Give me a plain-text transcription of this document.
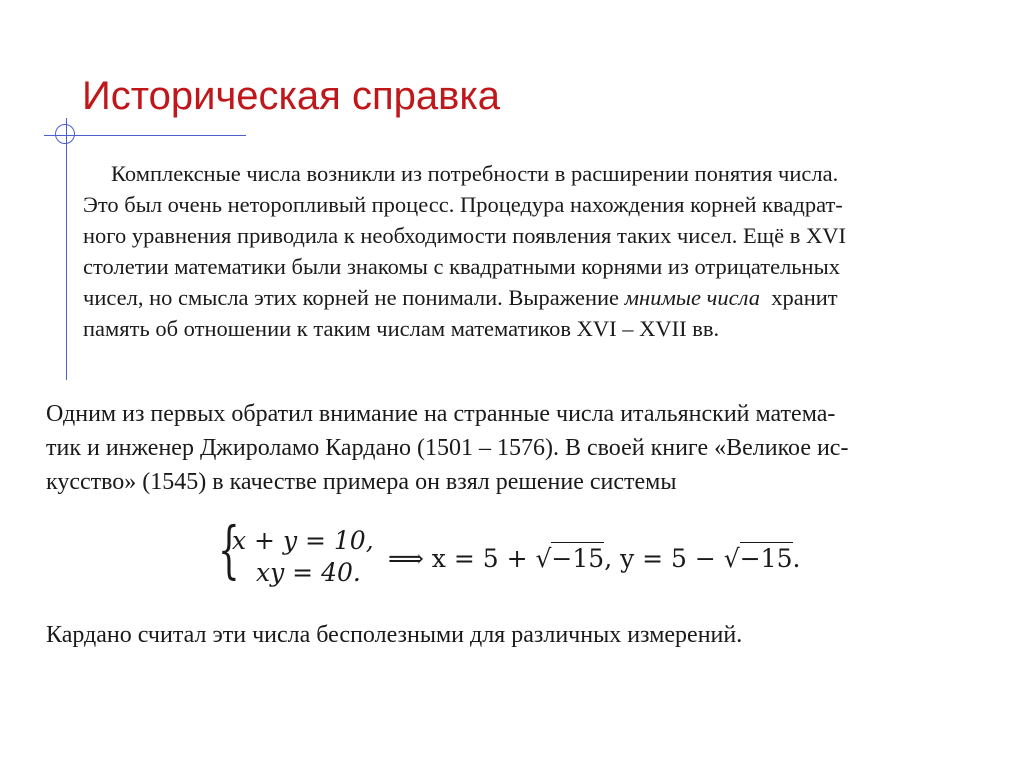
Историческая справка

Комплексные числа возникли из потребности в расширении понятия числа.
Это был очень неторопливый процесс. Процедура нахождения корней квадрат-
ного уравнения приводила к необходимости появления таких чисел. Ещё в XVI
столетии математики были знакомы с квадратными корнями из отрицательных
чисел, но смысла этих корней не понимали. Выражение мнимые числа  хранит
память об отношении к таким числам математиков XVI – XVII вв.

Одним из первых обратил внимание на странные числа итальянский матема-
тик и инженер Джироламо Кардано (1501 – 1576). В своей книге «Великое ис-
кусство» (1545) в качестве примера он взял решение системы

{
x + y = 10,
xy = 40. ⟹ x = 5 + √−15, y = 5 − √−15.

Кардано считал эти числа бесполезными для различных измерений.
